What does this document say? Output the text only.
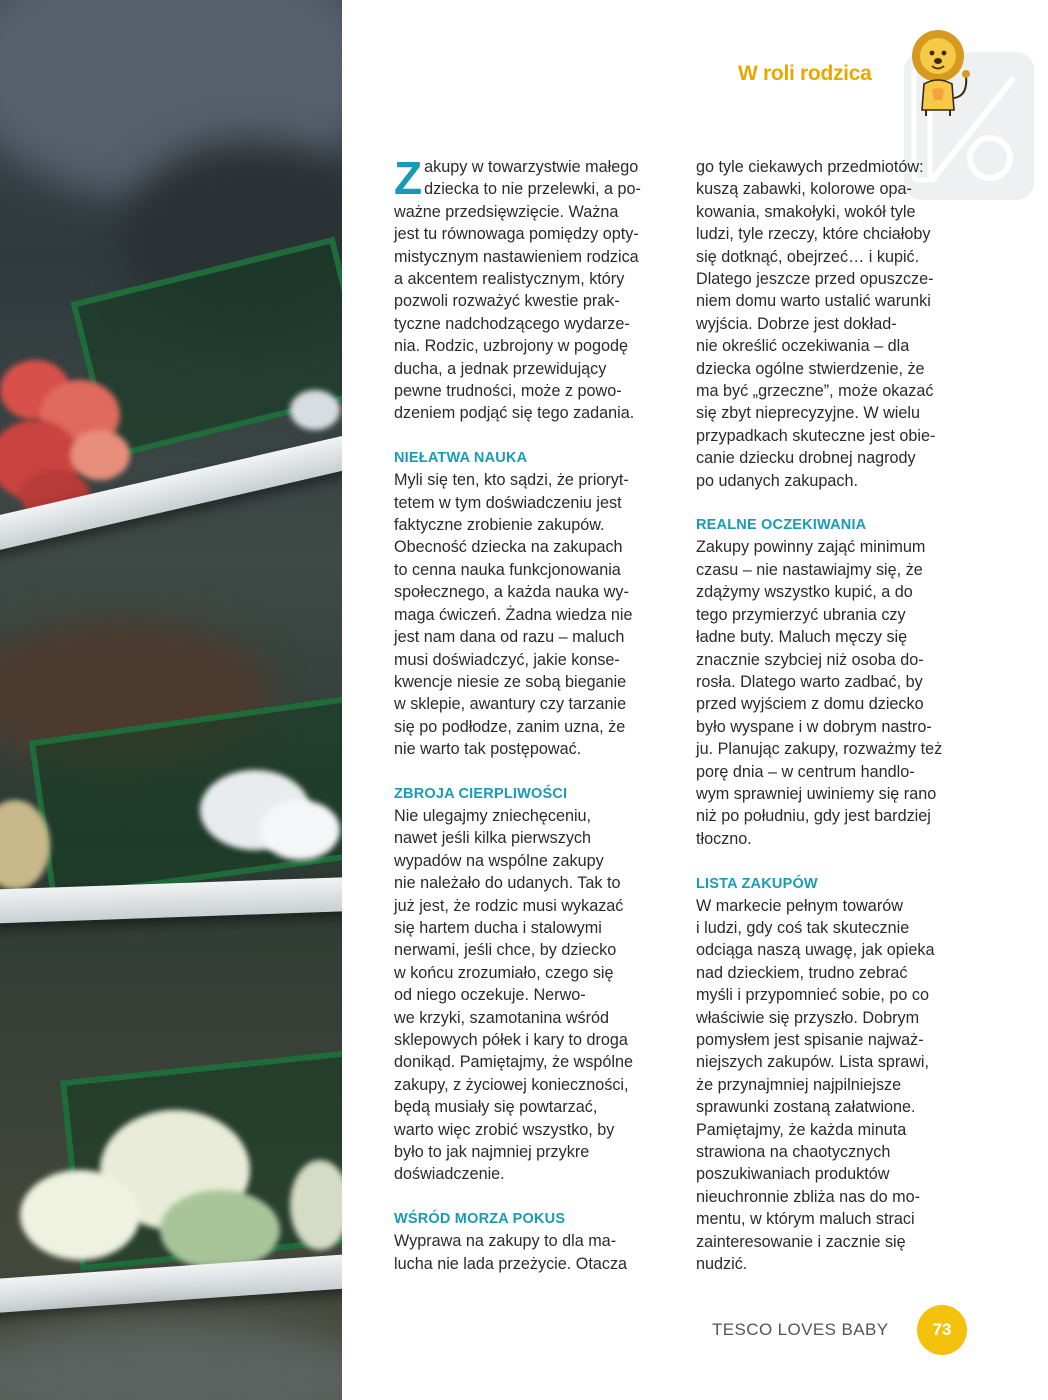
W roli rodzica

Zakupy w towarzystwie małego
dziecka to nie przelewki, a po-
ważne przedsięwzięcie. Ważna
jest tu równowaga pomiędzy opty-
mistycznym nastawieniem rodzica
a akcentem realistycznym, który
pozwoli rozważyć kwestie prak-
tyczne nadchodzącego wydarze-
nia. Rodzic, uzbrojony w pogodę
ducha, a jednak przewidujący
pewne trudności, może z powo-
dzeniem podjąć się tego zadania.

NIEŁATWA NAUKA

Myli się ten, kto sądzi, że prioryt-
tetem w tym doświadczeniu jest
faktyczne zrobienie zakupów.
Obecność dziecka na zakupach
to cenna nauka funkcjonowania
społecznego, a każda nauka wy-
maga ćwiczeń. Żadna wiedza nie
jest nam dana od razu – maluch
musi doświadczyć, jakie konse-
kwencje niesie ze sobą bieganie
w sklepie, awantury czy tarzanie
się po podłodze, zanim uzna, że
nie warto tak postępować.

ZBROJA CIERPLIWOŚCI

Nie ulegajmy zniechęceniu,
nawet jeśli kilka pierwszych
wypadów na wspólne zakupy
nie należało do udanych. Tak to
już jest, że rodzic musi wykazać
się hartem ducha i stalowymi
nerwami, jeśli chce, by dziecko
w końcu zrozumiało, czego się
od niego oczekuje. Nerwo-
we krzyki, szamotanina wśród
sklepowych półek i kary to droga
donikąd. Pamiętajmy, że wspólne
zakupy, z życiowej konieczności,
będą musiały się powtarzać,
warto więc zrobić wszystko, by
było to jak najmniej przykre
doświadczenie.

WŚRÓD MORZA POKUS

Wyprawa na zakupy to dla ma-
lucha nie lada przeżycie. Otacza

go tyle ciekawych przedmiotów:
kuszą zabawki, kolorowe opa-
kowania, smakołyki, wokół tyle
ludzi, tyle rzeczy, które chciałoby
się dotknąć, obejrzeć… i kupić.
Dlatego jeszcze przed opuszcze-
niem domu warto ustalić warunki
wyjścia. Dobrze jest dokład-
nie określić oczekiwania – dla
dziecka ogólne stwierdzenie, że
ma być „grzeczne”, może okazać
się zbyt nieprecyzyjne. W wielu
przypadkach skuteczne jest obie-
canie dziecku drobnej nagrody
po udanych zakupach.

REALNE OCZEKIWANIA

Zakupy powinny zająć minimum
czasu – nie nastawiajmy się, że
zdążymy wszystko kupić, a do
tego przymierzyć ubrania czy
ładne buty. Maluch męczy się
znacznie szybciej niż osoba do-
rosła. Dlatego warto zadbać, by
przed wyjściem z domu dziecko
było wyspane i w dobrym nastro-
ju. Planując zakupy, rozważmy też
porę dnia – w centrum handlo-
wym sprawniej uwiniemy się rano
niż po południu, gdy jest bardziej
tłoczno.

LISTA ZAKUPÓW

W markecie pełnym towarów
i ludzi, gdy coś tak skutecznie
odciąga naszą uwagę, jak opieka
nad dzieckiem, trudno zebrać
myśli i przypomnieć sobie, po co
właściwie się przyszło. Dobrym
pomysłem jest spisanie najważ-
niejszych zakupów. Lista sprawi,
że przynajmniej najpilniejsze
sprawunki zostaną załatwione.
Pamiętajmy, że każda minuta
strawiona na chaotycznych
poszukiwaniach produktów
nieuchronnie zbliża nas do mo-
mentu, w którym maluch straci
zainteresowanie i zacznie się
nudzić.

TESCO LOVES BABY	73
